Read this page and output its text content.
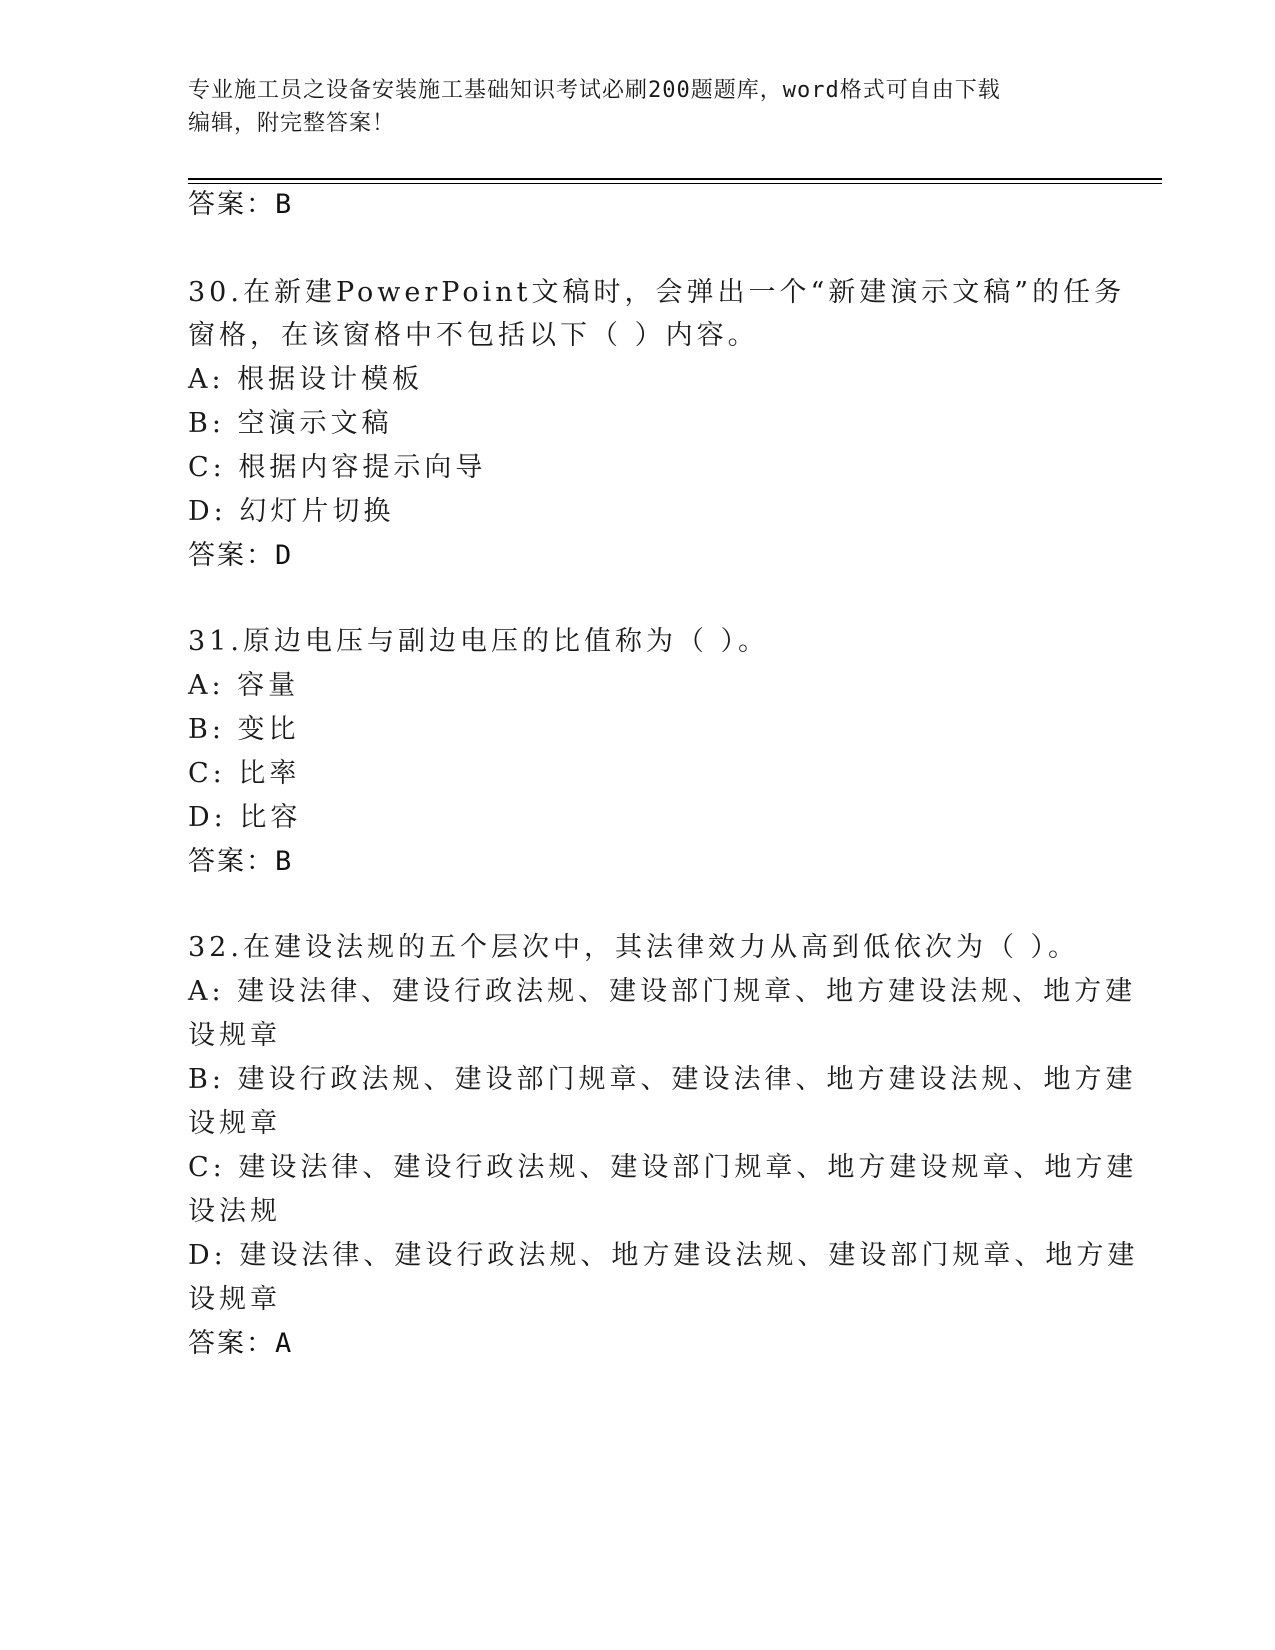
专业施工员之设备安装施工基础知识考试必刷200题题库，word格式可自由下载
编辑，附完整答案！
答案：B
30.在新建PowerPoint文稿时，会弹出一个“新建演示文稿”的任务
窗格，在该窗格中不包括以下（ ）内容。
A: 根据设计模板
B: 空演示文稿
C: 根据内容提示向导
D: 幻灯片切换
答案：D
31.原边电压与副边电压的比值称为（ ）。
A: 容量
B: 变比
C: 比率
D: 比容
答案：B
32.在建设法规的五个层次中，其法律效力从高到低依次为（ ）。
A: 建设法律、建设行政法规、建设部门规章、地方建设法规、地方建
设规章
B: 建设行政法规、建设部门规章、建设法律、地方建设法规、地方建
设规章
C: 建设法律、建设行政法规、建设部门规章、地方建设规章、地方建
设法规
D: 建设法律、建设行政法规、地方建设法规、建设部门规章、地方建
设规章
答案：A
